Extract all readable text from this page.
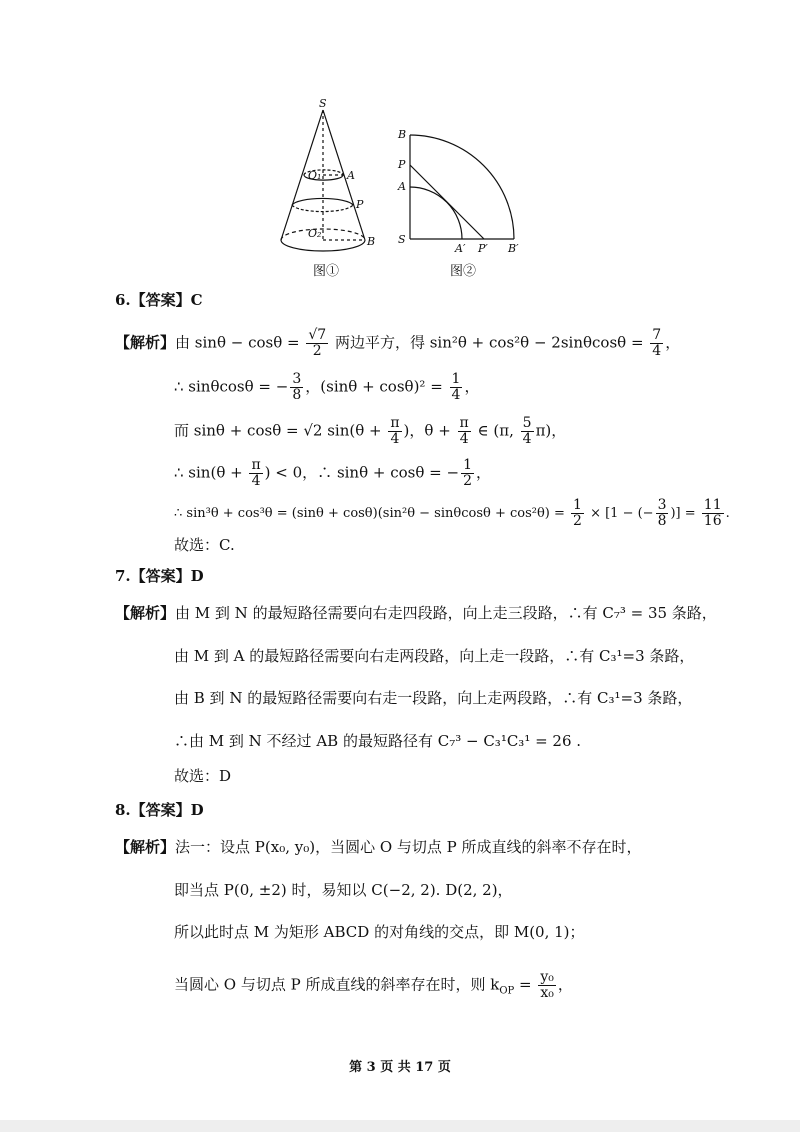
S
O₁ A
P
O₂
B
B
P
A
S
A′ P′ B′
图①	图②
6.【答案】C
【解析】由 $\sin\theta - \cos\theta = \frac{√7}{2}$ 两边平方，得 $\sin^2\theta + \cos^2\theta - 2\sin\theta\cos\theta = \frac{7}{4}$ ，
∴ sinθcosθ = − $\frac{3}{8}$ ，$(\sin\theta + \cos\theta)^2 = \frac{1}{4}$ ，
而 sinθ + cosθ = √2 $\sin(\theta + \frac{\pi}{4}$ )，$\theta + \frac{\pi}{4}$ ∈ (π, $\frac{5}{4} \pi$)，
∴ $\sin(\theta + \frac{\pi}{4}$ ) < 0，∴ sinθ + cosθ = − $\frac{1}{2}$ ，
∴ $\sin^3\theta + \cos^3\theta = (\sin\theta + \cos\theta)(\sin^2\theta - \sin\theta\cos\theta + \cos^2\theta) = \frac{1}{2} \times [1$ − (− $\frac{3}{8}$ )] = $\frac{11}{16}$ .
故选：C.
7.【答案】D
【解析】由 M 到 N 的最短路径需要向右走四段路，向上走三段路，∴有 C₇³ = 35 条路，
由 M 到 A 的最短路径需要向右走两段路，向上走一段路，∴有 C₃¹=3 条路，
由 B 到 N 的最短路径需要向右走一段路，向上走两段路，∴有 C₃¹=3 条路，
∴由 M 到 N 不经过 AB 的最短路径有 C₇³ − C₃¹C₃¹ = 26 .
故选：D
8.【答案】D
【解析】法一：设点 P(x₀, y₀)，当圆心 O 与切点 P 所成直线的斜率不存在时，
即当点 P(0, ±2) 时，易知以 C(−2, 2). D(2, 2)，
所以此时点 M 为矩形 ABCD 的对角线的交点，即 M(0, 1)；
当圆心 O 与切点 P 所成直线的斜率存在时，则 $k_{OP} = \frac{\text{y₀}}{\text{x₀}}$ ，
第 3 页 共 17 页
